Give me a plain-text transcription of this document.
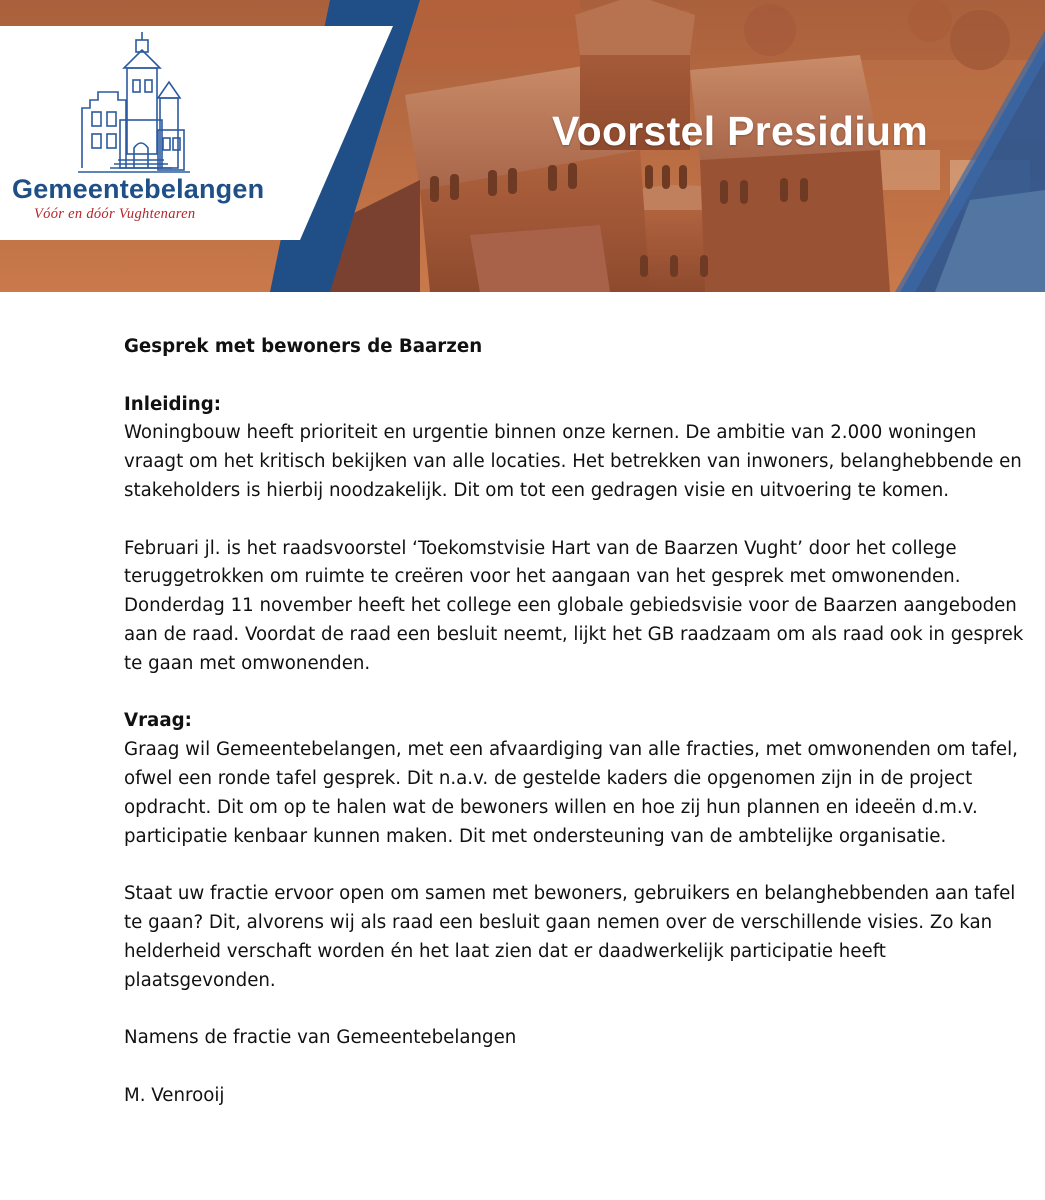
Gemeentebelangen
Vóór en dóór Vughtenaren
Voorstel Presidium

Gesprek met bewoners de Baarzen

Inleiding:

Woningbouw heeft prioriteit en urgentie binnen onze kernen. De ambitie van 2.000 woningen vraagt om het kritisch bekijken van alle locaties. Het betrekken van inwoners, belanghebbende en stakeholders is hierbij noodzakelijk. Dit om tot een gedragen visie en uitvoering te komen.

Februari jl. is het raadsvoorstel ‘Toekomstvisie Hart van de Baarzen Vught’ door het college teruggetrokken om ruimte te creëren voor het aangaan van het gesprek met omwonenden. Donderdag 11 november heeft het college een globale gebiedsvisie voor de Baarzen aangeboden aan de raad. Voordat de raad een besluit neemt, lijkt het GB raadzaam om als raad ook in gesprek te gaan met omwonenden.

Vraag:

Graag wil Gemeentebelangen, met een afvaardiging van alle fracties, met omwonenden om tafel, ofwel een ronde tafel gesprek. Dit n.a.v. de gestelde kaders die opgenomen zijn in de project opdracht. Dit om op te halen wat de bewoners willen en hoe zij hun plannen en ideeën d.m.v. participatie kenbaar kunnen maken. Dit met ondersteuning van de ambtelijke organisatie.

Staat uw fractie ervoor open om samen met bewoners, gebruikers en belanghebbenden aan tafel te gaan? Dit, alvorens wij als raad een besluit gaan nemen over de verschillende visies. Zo kan helderheid verschaft worden én het laat zien dat er daadwerkelijk participatie heeft plaatsgevonden.

Namens de fractie van Gemeentebelangen

M. Venrooij
